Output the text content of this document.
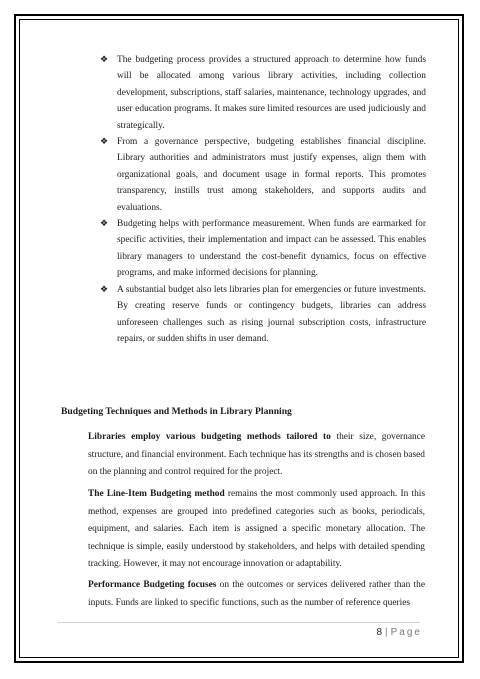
❖ The budgeting process provides a structured approach to determine how funds will be allocated among various library activities, including collection development, subscriptions, staff salaries, maintenance, technology upgrades, and user education programs. It makes sure limited resources are used judiciously and strategically.
❖ From a governance perspective, budgeting establishes financial discipline. Library authorities and administrators must justify expenses, align them with organizational goals, and document usage in formal reports. This promotes transparency, instills trust among stakeholders, and supports audits and evaluations.
❖ Budgeting helps with performance measurement. When funds are earmarked for specific activities, their implementation and impact can be assessed. This enables library managers to understand the cost-benefit dynamics, focus on effective programs, and make informed decisions for planning.
❖ A substantial budget also lets libraries plan for emergencies or future investments. By creating reserve funds or contingency budgets, libraries can address unforeseen challenges such as rising journal subscription costs, infrastructure repairs, or sudden shifts in user demand.
Budgeting Techniques and Methods in Library Planning

Libraries employ various budgeting methods tailored to their size, governance structure, and financial environment. Each technique has its strengths and is chosen based on the planning and control required for the project.

The Line-Item Budgeting method remains the most commonly used approach. In this method, expenses are grouped into predefined categories such as books, periodicals, equipment, and salaries. Each item is assigned a specific monetary allocation. The technique is simple, easily understood by stakeholders, and helps with detailed spending tracking. However, it may not encourage innovation or adaptability.

Performance Budgeting focuses on the outcomes or services delivered rather than the inputs. Funds are linked to specific functions, such as the number of reference queries

8 | Page
